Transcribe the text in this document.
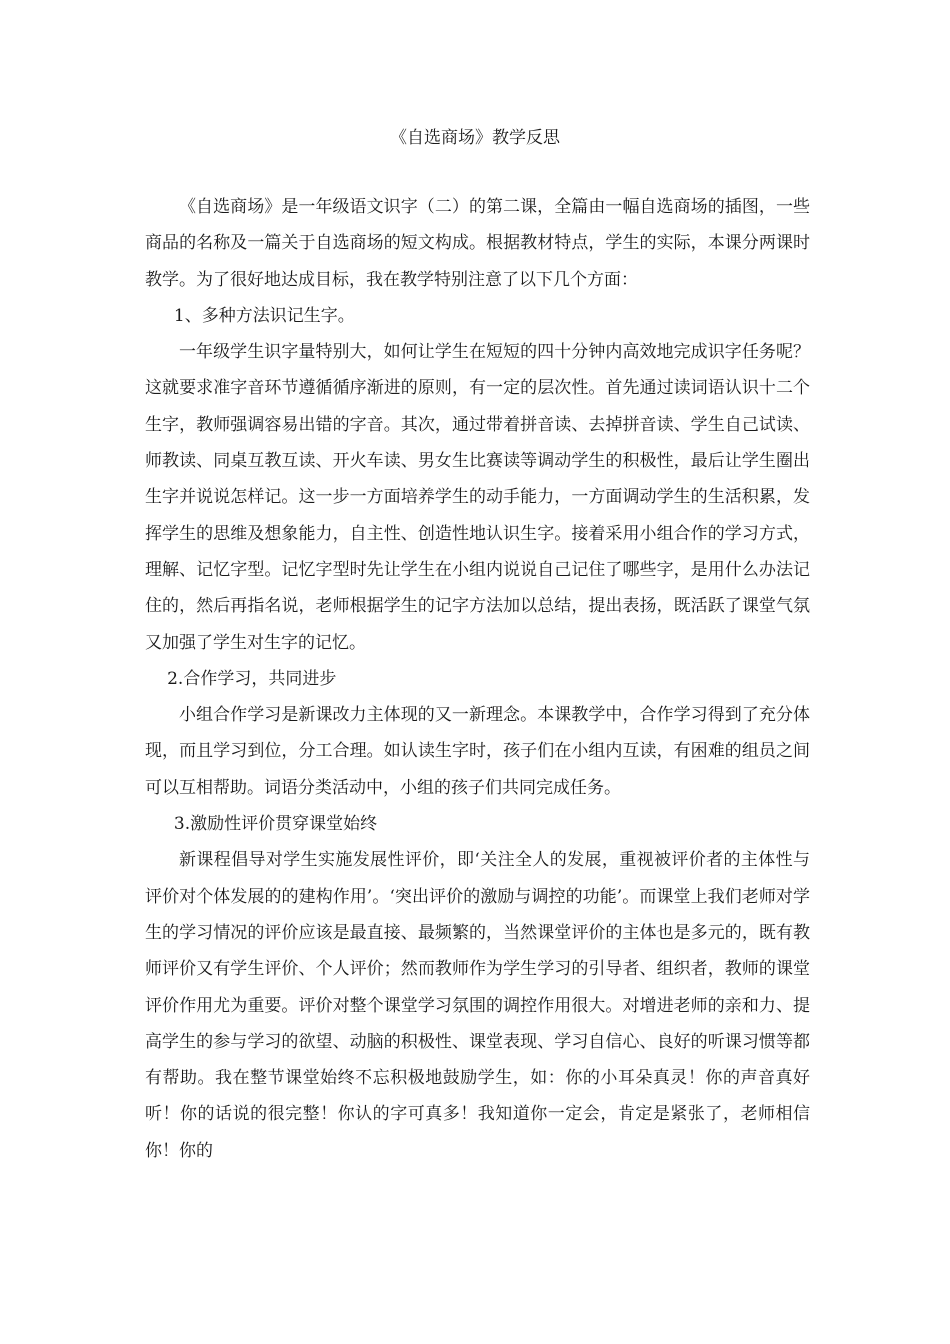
《自选商场》教学反思

《自选商场》是一年级语文识字（二）的第二课，全篇由一幅自选商场的插图，一些商品的名称及一篇关于自选商场的短文构成。根据教材特点，学生的实际，本课分两课时教学。为了很好地达成目标，我在教学特别注意了以下几个方面：

1、多种方法识记生字。

一年级学生识字量特别大，如何让学生在短短的四十分钟内高效地完成识字任务呢？这就要求准字音环节遵循循序渐进的原则，有一定的层次性。首先通过读词语认识十二个生字，教师强调容易出错的字音。其次，通过带着拼音读、去掉拼音读、学生自己试读、师教读、同桌互教互读、开火车读、男女生比赛读等调动学生的积极性，最后让学生圈出生字并说说怎样记。这一步一方面培养学生的动手能力，一方面调动学生的生活积累，发挥学生的思维及想象能力，自主性、创造性地认识生字。接着采用小组合作的学习方式，理解、记忆字型。记忆字型时先让学生在小组内说说自己记住了哪些字，是用什么办法记住的，然后再指名说，老师根据学生的记字方法加以总结，提出表扬，既活跃了课堂气氛又加强了学生对生字的记忆。

2.合作学习，共同进步

小组合作学习是新课改力主体现的又一新理念。本课教学中，合作学习得到了充分体现，而且学习到位，分工合理。如认读生字时，孩子们在小组内互读，有困难的组员之间可以互相帮助。词语分类活动中，小组的孩子们共同完成任务。

3.激励性评价贯穿课堂始终

新课程倡导对学生实施发展性评价，即‘关注全人的发展，重视被评价者的主体性与评价对个体发展的的建构作用’。‘突出评价的激励与调控的功能’。而课堂上我们老师对学生的学习情况的评价应该是最直接、最频繁的，当然课堂评价的主体也是多元的，既有教师评价又有学生评价、个人评价；然而教师作为学生学习的引导者、组织者，教师的课堂评价作用尤为重要。评价对整个课堂学习氛围的调控作用很大。对增进老师的亲和力、提高学生的参与学习的欲望、动脑的积极性、课堂表现、学习自信心、良好的听课习惯等都有帮助。我在整节课堂始终不忘积极地鼓励学生，如：你的小耳朵真灵！你的声音真好听！你的话说的很完整！你认的字可真多！我知道你一定会，肯定是紧张了，老师相信你！你的
